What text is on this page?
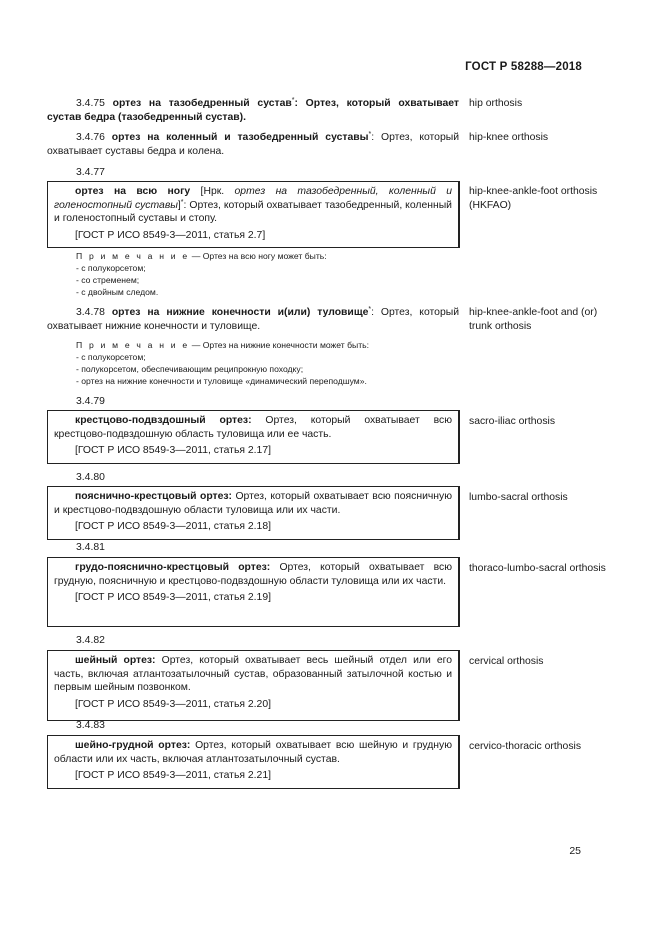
ГОСТ Р 58288—2018

3.4.75 ортез на тазобедренный сустав*: Ортез, который охватывает сустав бедра (тазобедренный сустав).

hip orthosis

3.4.76 ортез на коленный и тазобедренный суставы*: Ортез, который охватывает суставы бедра и колена.

hip-knee orthosis
3.4.77

ортез на всю ногу [Нрк. ортез на тазобедренный, коленный и голеностопный суставы]*: Ортез, который охватывает тазобедренный, коленный и голеностопный суставы и стопу.

[ГОСТ Р ИСО 8549-3—2011, статья 2.7]

hip-knee-ankle-foot orthosis (HKFAO)
П р и м е ч а н и е — Ортез на всю ногу может быть:
- с полукорсетом;
- со стременем;
- с двойным следом.

3.4.78 ортез на нижние конечности и(или) туловище*: Ортез, который охватывает нижние конечности и туловище.

hip-knee-ankle-foot and (or) trunk orthosis
П р и м е ч а н и е — Ортез на нижние конечности может быть:
- с полукорсетом;
- полукорсетом, обеспечивающим реципрокную походку;
- ортез на нижние конечности и туловище «динамический переподшум».
3.4.79

крестцово-подвздошный ортез: Ортез, который охватывает всю крестцово-подвздошную область туловища или ее часть.

[ГОСТ Р ИСО 8549-3—2011, статья 2.17]

sacro-iliac orthosis
3.4.80

пояснично-крестцовый ортез: Ортез, который охватывает всю поясничную и крестцово-подвздошную области туловища или их части.

[ГОСТ Р ИСО 8549-3—2011, статья 2.18]

lumbo-sacral orthosis
3.4.81

грудо-пояснично-крестцовый ортез: Ортез, который охватывает всю грудную, поясничную и крестцово-подвздошную области туловища или их части.

[ГОСТ Р ИСО 8549-3—2011, статья 2.19]

thoraco-lumbo-sacral orthosis
3.4.82

шейный ортез: Ортез, который охватывает весь шейный отдел или его часть, включая атлантозатылочный сустав, образованный затылочной костью и первым шейным позвонком.

[ГОСТ Р ИСО 8549-3—2011, статья 2.20]

cervical orthosis
3.4.83

шейно-грудной ортез: Ортез, который охватывает всю шейную и грудную области или их часть, включая атлантозатылочный сустав.

[ГОСТ Р ИСО 8549-3—2011, статья 2.21]

cervico-thoracic orthosis
25
